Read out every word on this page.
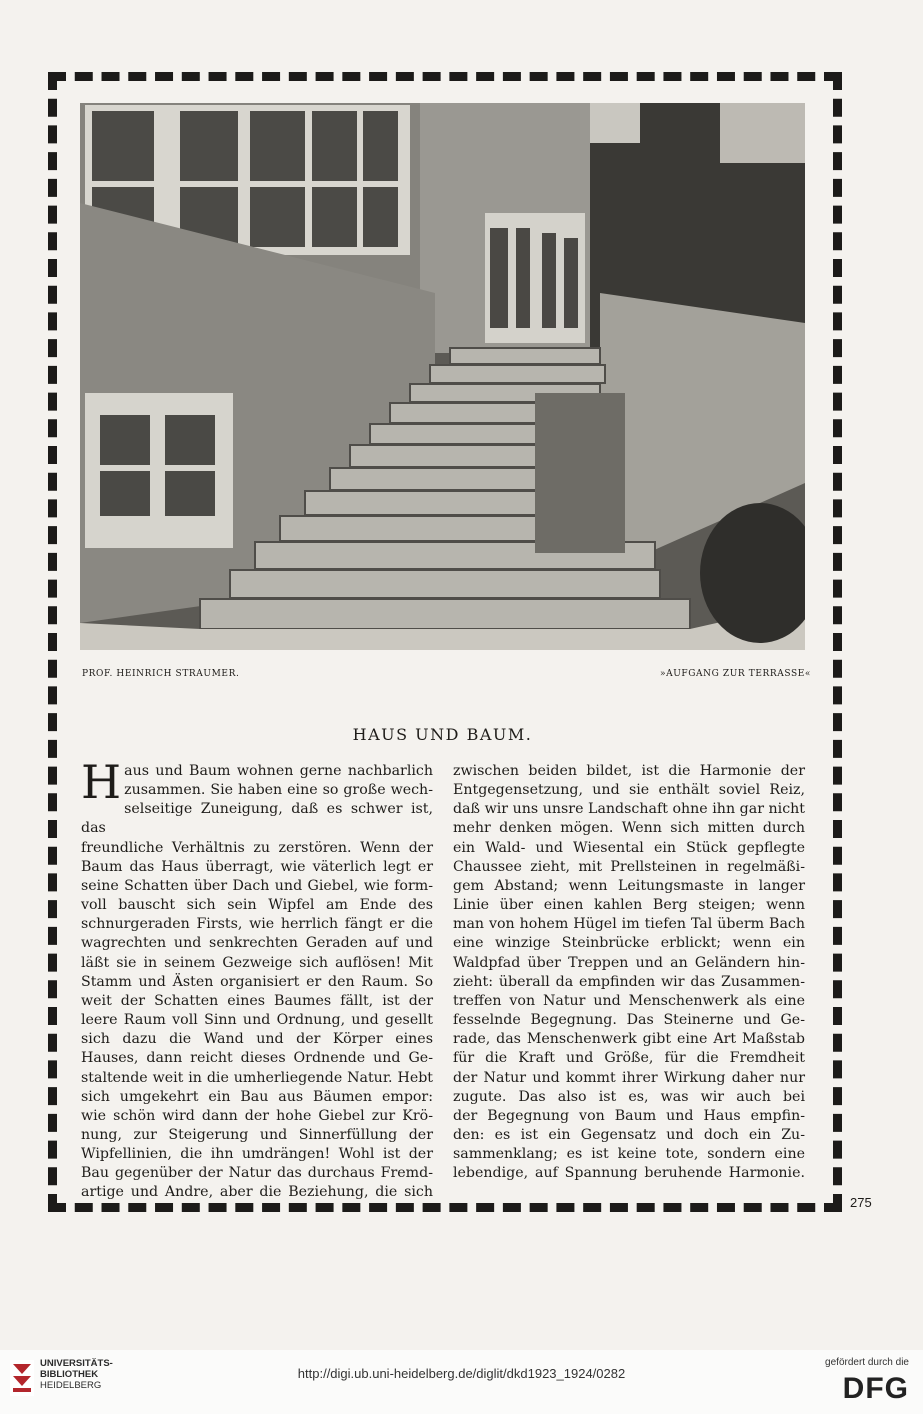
PROF. HEINRICH STRAUMER.	»AUFGANG ZUR TERRASSE«
HAUS UND BAUM.
H aus und Baum wohnen gerne nachbarlich

zusammen. Sie haben eine so große wech-

selseitige Zuneigung, daß es schwer ist, das

freundliche Verhältnis zu zerstören. Wenn der

Baum das Haus überragt, wie väterlich legt er

seine Schatten über Dach und Giebel, wie form-

voll bauscht sich sein Wipfel am Ende des

schnurgeraden Firsts, wie herrlich fängt er die

wagrechten und senkrechten Geraden auf und

läßt sie in seinem Gezweige sich auflösen! Mit

Stamm und Ästen organisiert er den Raum. So

weit der Schatten eines Baumes fällt, ist der

leere Raum voll Sinn und Ordnung, und gesellt

sich dazu die Wand und der Körper eines

Hauses, dann reicht dieses Ordnende und Ge-

staltende weit in die umherliegende Natur. Hebt

sich umgekehrt ein Bau aus Bäumen empor:

wie schön wird dann der hohe Giebel zur Krö-

nung, zur Steigerung und Sinnerfüllung der

Wipfellinien, die ihn umdrängen! Wohl ist der

Bau gegenüber der Natur das durchaus Fremd-

artige und Andre, aber die Beziehung, die sich

zwischen beiden bildet, ist die Harmonie der

Entgegensetzung, und sie enthält soviel Reiz,

daß wir uns unsre Landschaft ohne ihn gar nicht

mehr denken mögen. Wenn sich mitten durch

ein Wald- und Wiesental ein Stück gepflegte

Chaussee zieht, mit Prellsteinen in regelmäßi-

gem Abstand; wenn Leitungsmaste in langer

Linie über einen kahlen Berg steigen; wenn

man von hohem Hügel im tiefen Tal überm Bach

eine winzige Steinbrücke erblickt; wenn ein

Waldpfad über Treppen und an Geländern hin-

zieht: überall da empfinden wir das Zusammen-

treffen von Natur und Menschenwerk als eine

fesselnde Begegnung. Das Steinerne und Ge-

rade, das Menschenwerk gibt eine Art Maßstab

für die Kraft und Größe, für die Fremdheit

der Natur und kommt ihrer Wirkung daher nur

zugute. Das also ist es, was wir auch bei

der Begegnung von Baum und Haus empfin-

den: es ist ein Gegensatz und doch ein Zu-

sammenklang; es ist keine tote, sondern eine

lebendige, auf Spannung beruhende Harmonie.

275
UNIVERSITÄTS-
BIBLIOTHEK
HEIDELBERG
http://digi.ub.uni-heidelberg.de/diglit/dkd1923_1924/0282
gefördert durch die
DFG
